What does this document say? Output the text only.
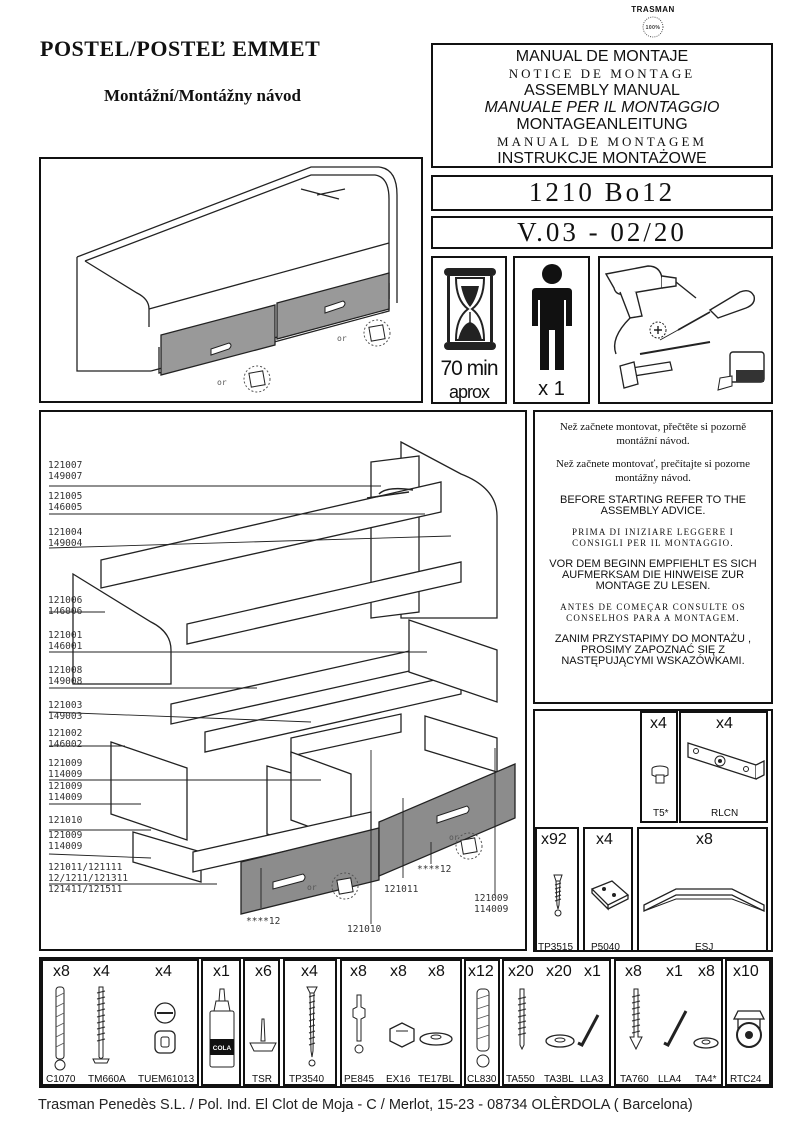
TRASMAN
100%
POSTEL/POSTEĽ EMMET
Montážní/Montážny návod
MANUAL DE MONTAJE
NOTICE DE MONTAGE
ASSEMBLY MANUAL
MANUALE PER IL MONTAGGIO
MONTAGEANLEITUNG
MANUAL DE MONTAGEM
INSTRUKCJE MONTAŻOWE
1210 Bo12
V.03 - 02/20
70 min
aprox	x 1
or
or
or
or
121007
149007
121005
146005
121004
149004
121006
146006
121001
146001
121008
149008
121003
149003
121002
146002
121009
114009
121009
114009
121010
121009
114009
121011/121111
12/1211/121311
121411/121511
****12
121011
****12
121010
121009
114009

Než začnete montovat, přečtěte si pozorně montážní návod.

Než začnete montovať, prečítajte si pozorne montážny návod.

BEFORE STARTING REFER TO THE ASSEMBLY ADVICE.

PRIMA DI INIZIARE LEGGERE I CONSIGLI PER IL MONTAGGIO.

VOR DEM BEGINN EMPFIEHLT ES SICH AUFMERKSAM DIE HINWEISE ZUR MONTAGE ZU LESEN.

ANTES DE COMEÇAR CONSULTE OS CONSELHOS PARA A MONTAGEM.

ZANIM PRZYSTAPIMY DO MONTAŻU , PROSIMY ZAPOZNAĆ SIĘ Z NASTĘPUJĄCYMI WSKAZÓWKAMI.

x4
T5*
x4
RLCN
x92
TP3515
x4
P5040
x8
ESJ
x8 x4	x4
C1070 TM660A TUEM61013
x1
COLA
x6
TSR
x4
TP3540
x8 x8 x8
PE845 EX16 TE17BL
x12
CL830
x20 x20 x1
TA550 TA3BL LLA3
x8 x1 x8
TA760 LLA4 TA4*
x10
RTC24
Trasman Penedès S.L. / Pol. Ind. El Clot de Moja - C / Merlot, 15-23 - 08734 OLÈRDOLA ( Barcelona)
